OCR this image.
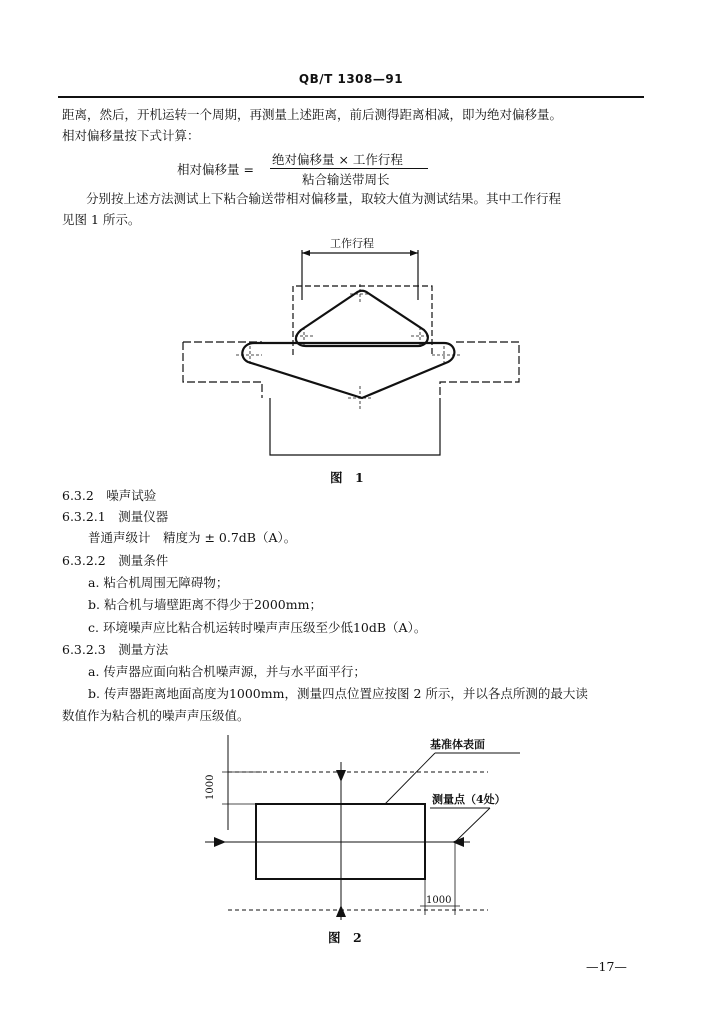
QB/T 1308—91
距离，然后，开机运转一个周期，再测量上述距离，前后测得距离相减，即为绝对偏移量。
相对偏移量按下式计算：
相对偏移量 =
绝对偏移量 × 工作行程
粘合输送带周长
分别按上述方法测试上下粘合输送带相对偏移量，取较大值为测试结果。其中工作行程
见图 1 所示。
工作行程
图　1
6.3.2　噪声试验
6.3.2.1　测量仪器
普通声级计　精度为 ± 0.7dB（A）。
6.3.2.2　测量条件
a. 粘合机周围无障碍物；
b. 粘合机与墙壁距离不得少于2000mm；
c. 环境噪声应比粘合机运转时噪声声压级至少低10dB（A）。
6.3.2.3　测量方法
a. 传声器应面向粘合机噪声源，并与水平面平行；
b. 传声器距离地面高度为1000mm，测量四点位置应按图 2 所示，并以各点所测的最大读
数值作为粘合机的噪声声压级值。
1000
1000
基准体表面
测量点（4处）
图　2
—17—
